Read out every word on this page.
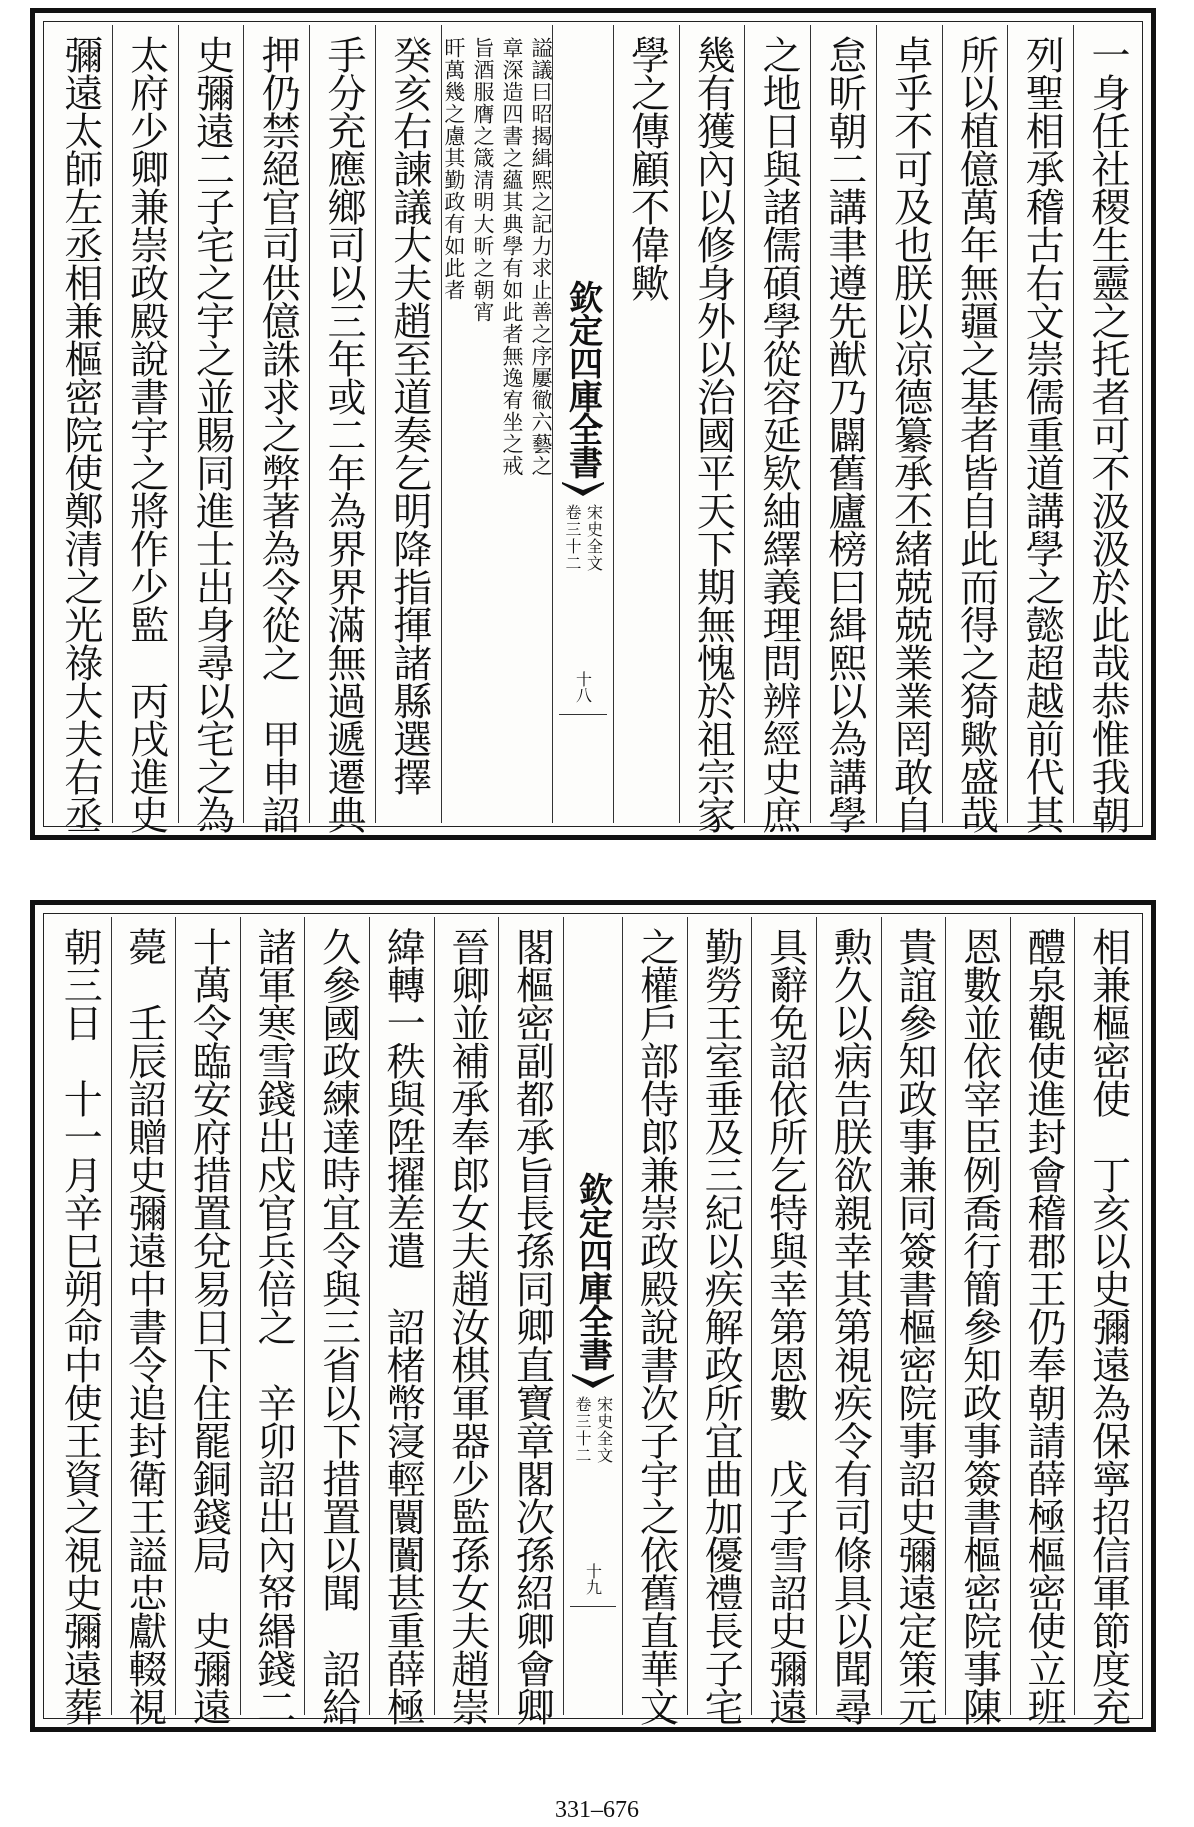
一身任社稷生靈之托者可不汲汲於此哉恭惟我朝
列聖相承稽古右文崇儒重道講學之懿超越前代其
所以植億萬年無疆之基者皆自此而得之猗歟盛哉
卓乎不可及也朕以凉德纂承丕緒兢兢業業罔敢自
怠昕朝二講聿遵先猷乃闢舊廬榜曰緝熙以為講學
之地日與諸儒碩學從容延欵紬繹義理問辨經史庶
幾有獲內以修身外以治國平天下期無愧於祖宗家
學之傳顧不偉歟
欽定四庫全書
宋史全文
卷三十二
十八
謚議曰昭揭緝熙之記力求止善之序屢徹六藝之
章深造四書之蘊其典學有如此者無逸宥坐之戒
旨酒服膺之箴清明大昕之朝宵
旰萬幾之慮其勤政有如此者
癸亥右諫議大夫趙至道奏乞明降指揮諸縣選擇
手分充應鄉司以三年或二年為界界滿無過遞遷典
押仍禁絕官司供億誅求之弊著為令從之　甲申詔
史彌遠二子宅之宇之並賜同進士出身尋以宅之為
太府少卿兼崇政殿說書宇之將作少監　丙戌進史
彌遠太師左丞相兼樞密院使鄭清之光祿大夫右丞
相兼樞密使　丁亥以史彌遠為保寧招信軍節度充
醴泉觀使進封會稽郡王仍奉朝請薛極樞密使立班
恩數並依宰臣例喬行簡參知政事簽書樞密院事陳
貴誼參知政事兼同簽書樞密院事詔史彌遠定策元
勲久以病告朕欲親幸其第視疾令有司條具以聞尋
具辭免詔依所乞特與幸第恩數　戊子雪詔史彌遠
勤勞王室垂及三紀以疾解政所宜曲加優禮長子宅
之權戶部侍郎兼崇政殿說書次子宇之依舊直華文
欽定四庫全書
宋史全文
卷三十二
十九
閣樞密副都承旨長孫同卿直寶章閣次孫紹卿會卿
晉卿並補承奉郎女夫趙汝棋軍器少監孫女夫趙崇
緯轉一秩與陞擢差遣　詔楮幣寖輕闤闠甚重薛極
久參國政練達時宜令與三省以下措置以聞　詔給
諸軍寒雪錢出戍官兵倍之　辛卯詔出內帑緡錢二
十萬令臨安府措置兌易日下住罷銅錢局　史彌遠
薨　壬辰詔贈史彌遠中書令追封衛王謚忠獻輟視
朝三日　十一月辛巳朔命中使王資之視史彌遠葬
331–676
